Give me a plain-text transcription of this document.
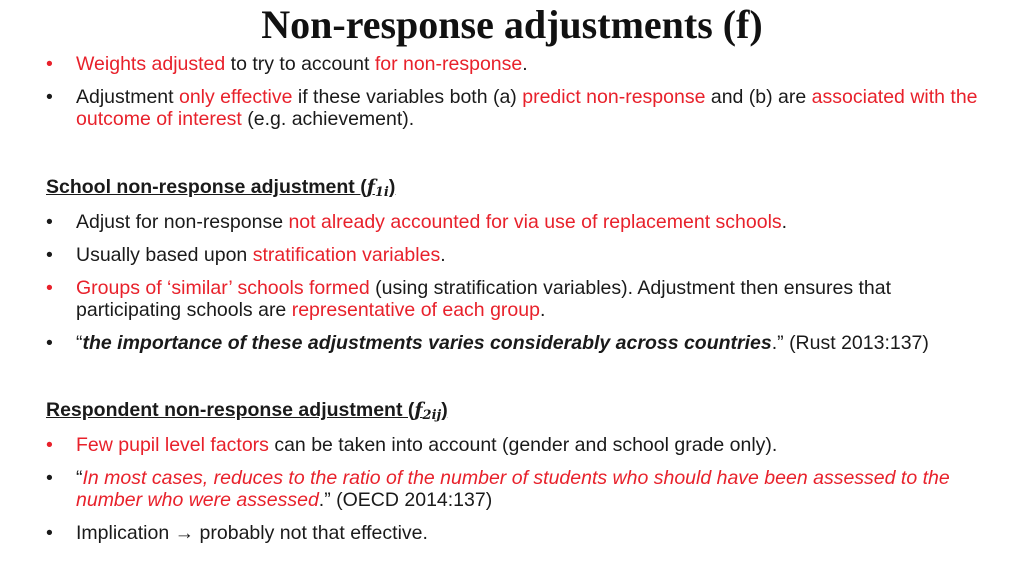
Non-response adjustments (f)
•	Weights adjusted to try to account for non-response.
•	Adjustment only effective if these variables both (a) predict non-response and (b) are associated with the outcome of interest (e.g. achievement).
School non-response adjustment $(f_{1i})$
•	Adjust for non-response not already accounted for via use of replacement schools.
•	Usually based upon stratification variables.
•	Groups of ‘similar’ schools formed (using stratification variables). Adjustment then ensures that participating schools are representative of each group.
•	“the importance of these adjustments varies considerably across countries.” (Rust 2013:137)
Respondent non-response adjustment $(f_{2ij})$
•	Few pupil level factors can be taken into account (gender and school grade only).
•	“In most cases, reduces to the ratio of the number of students who should have been assessed to the number who were assessed.” (OECD 2014:137)
•	Implication → probably not that effective.
